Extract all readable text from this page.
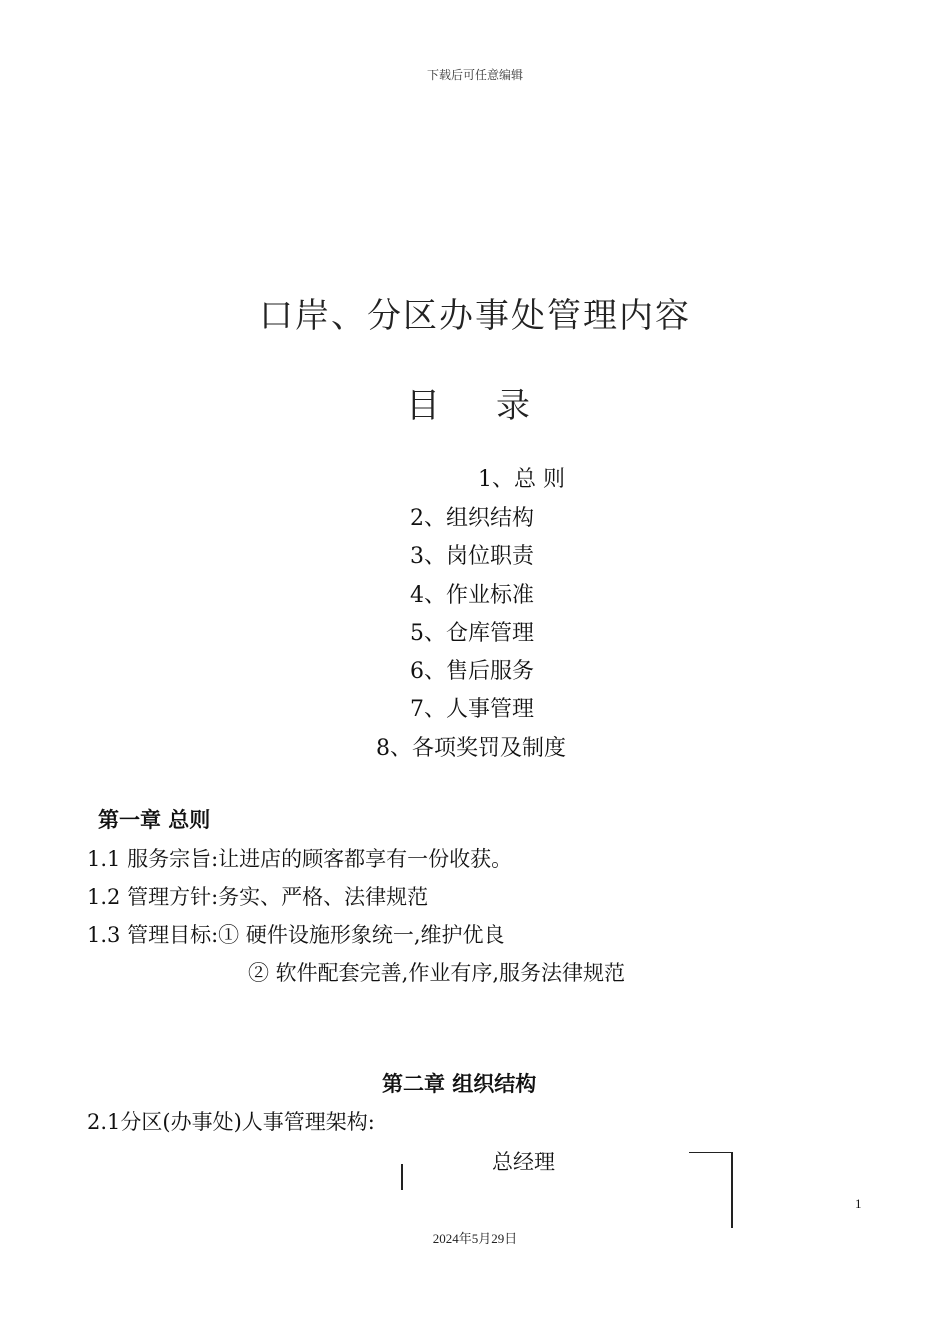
下载后可任意编辑
口岸、分区办事处管理内容
目 录
1、总 则
2、组织结构
3、岗位职责
4、作业标准
5、仓库管理
6、售后服务
7、人事管理
8、各项奖罚及制度
第一章 总则
1.1 服务宗旨:让进店的顾客都享有一份收获。
1.2 管理方针:务实、严格、法律规范
1.3 管理目标:① 硬件设施形象统一,维护优良
② 软件配套完善,作业有序,服务法律规范
第二章 组织结构
2.1分区(办事处)人事管理架构:
总经理
1
2024年5月29日
